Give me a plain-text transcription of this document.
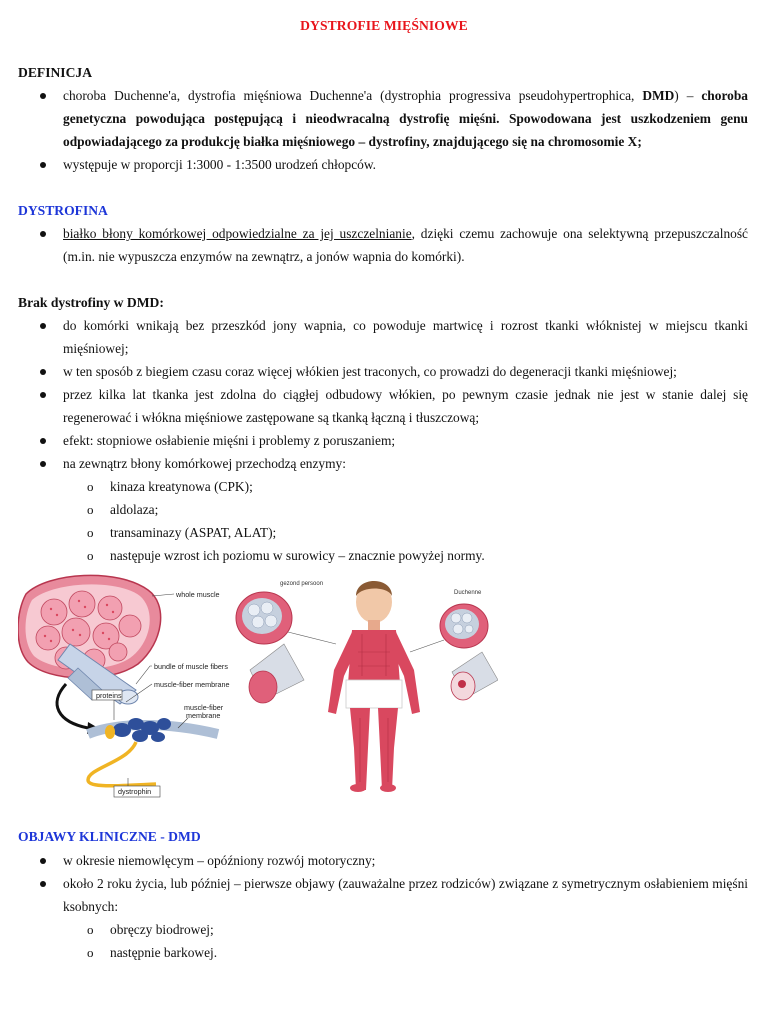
DYSTROFIE MIĘŚNIOWE
DEFINICJA
choroba Duchenne'a, dystrofia mięśniowa Duchenne'a (dystrophia progressiva pseudohypertrophica, DMD) – choroba genetyczna powodująca postępującą i nieodwracalną dystrofię mięśni. Spowodowana jest uszkodzeniem genu odpowiadającego za produkcję białka mięśniowego – dystrofiny, znajdującego się na chromosomie X;
występuje w proporcji 1:3000 - 1:3500 urodzeń chłopców.
DYSTROFINA
białko błony komórkowej odpowiedzialne za jej uszczelnianie, dzięki czemu zachowuje ona selektywną przepuszczalność (m.in. nie wypuszcza enzymów na zewnątrz, a jonów wapnia do komórki).
Brak dystrofiny w DMD:
do komórki wnikają bez przeszkód jony wapnia, co powoduje martwicę i rozrost tkanki włóknistej w miejscu tkanki mięśniowej;
w ten sposób z biegiem czasu coraz więcej włókien jest traconych, co prowadzi do degeneracji tkanki mięśniowej;
przez kilka lat tkanka jest zdolna do ciągłej odbudowy włókien, po pewnym czasie jednak nie jest w stanie dalej się regenerować i włókna mięśniowe zastępowane są tkanką łączną i tłuszczową;
efekt: stopniowe osłabienie mięśni i problemy z poruszaniem;
na zewnątrz błony komórkowej przechodzą enzymy:
o kinaza kreatynowa (CPK);
o aldolaza;
o transaminazy (ASPAT, ALAT);
o następuje wzrost ich poziomu w surowicy – znacznie powyżej normy.
whole muscle
bundle of muscle fibers
muscle-fiber membrane
proteins
muscle-fiber
membrane
dystrophin
gezond persoon
Duchenne
OBJAWY KLINICZNE - DMD
w okresie niemowlęcym – opóźniony rozwój motoryczny;
około 2 roku życia, lub później – pierwsze objawy (zauważalne przez rodziców) związane z symetrycznym osłabieniem mięśni ksobnych:
o obręczy biodrowej;
o następnie barkowej.
